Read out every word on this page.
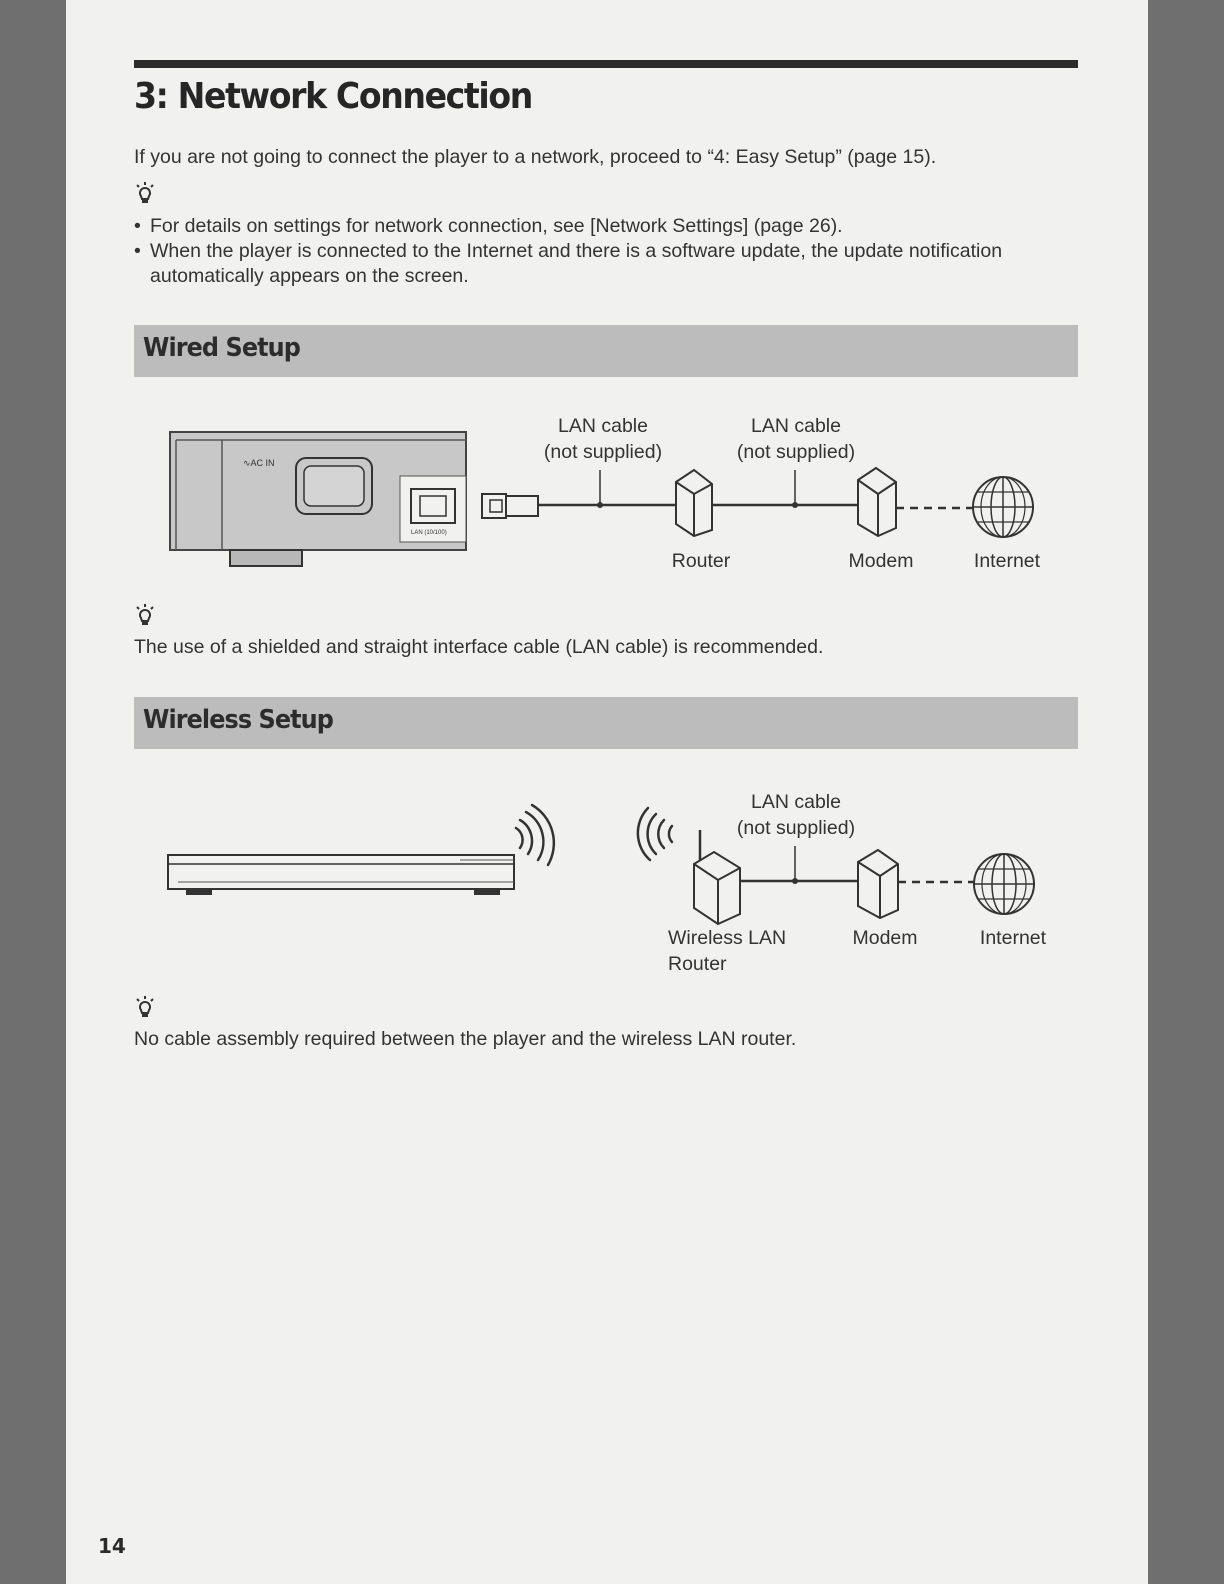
3: Network Connection
If you are not going to connect the player to a network, proceed to “4: Easy Setup” (page 15).
• For details on settings for network connection, see [Network Settings] (page 26).
• When the player is connected to the Internet and there is a software update, the update notification
automatically appears on the screen.
Wired Setup
∿AC IN
LAN (10/100)
LAN cable
(not supplied)
LAN cable
(not supplied)
Router	Modem	Internet
The use of a shielded and straight interface cable (LAN cable) is recommended.
Wireless Setup
LAN cable
(not supplied)
Wireless LAN
Router
Modem	Internet
No cable assembly required between the player and the wireless LAN router.
14
